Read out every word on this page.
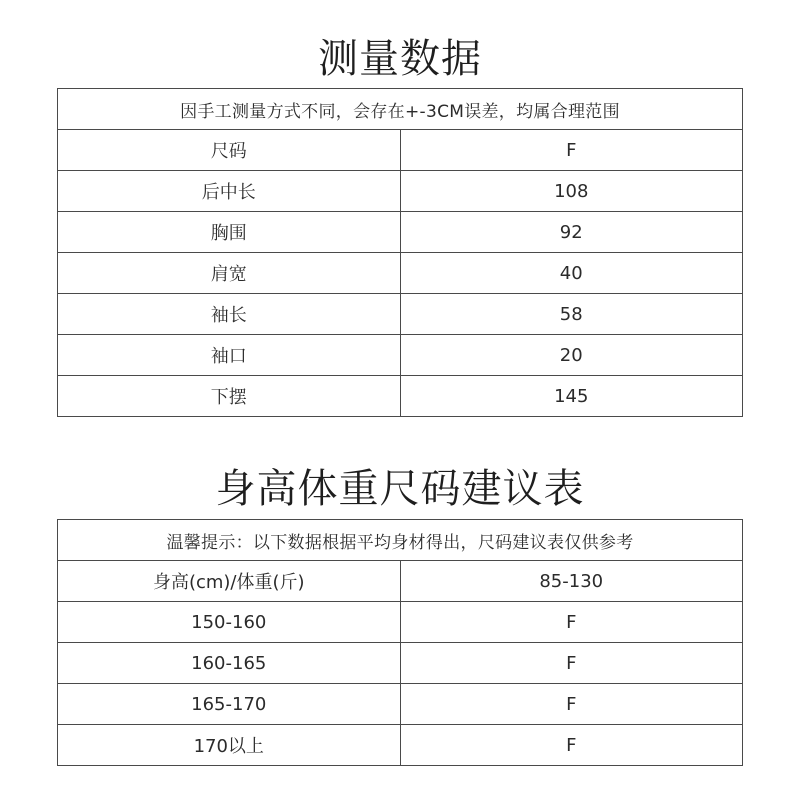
测量数据
因手工测量方式不同，会存在+-3CM误差，均属合理范围	
尺码	F
后中长	108
胸围	92
肩宽	40
袖长	58
袖口	20
下摆	145
身高体重尺码建议表
温馨提示：以下数据根据平均身材得出，尺码建议表仅供参考	
身高(cm)/体重(斤)	85-130
150-160	F
160-165	F
165-170	F
170以上	F
